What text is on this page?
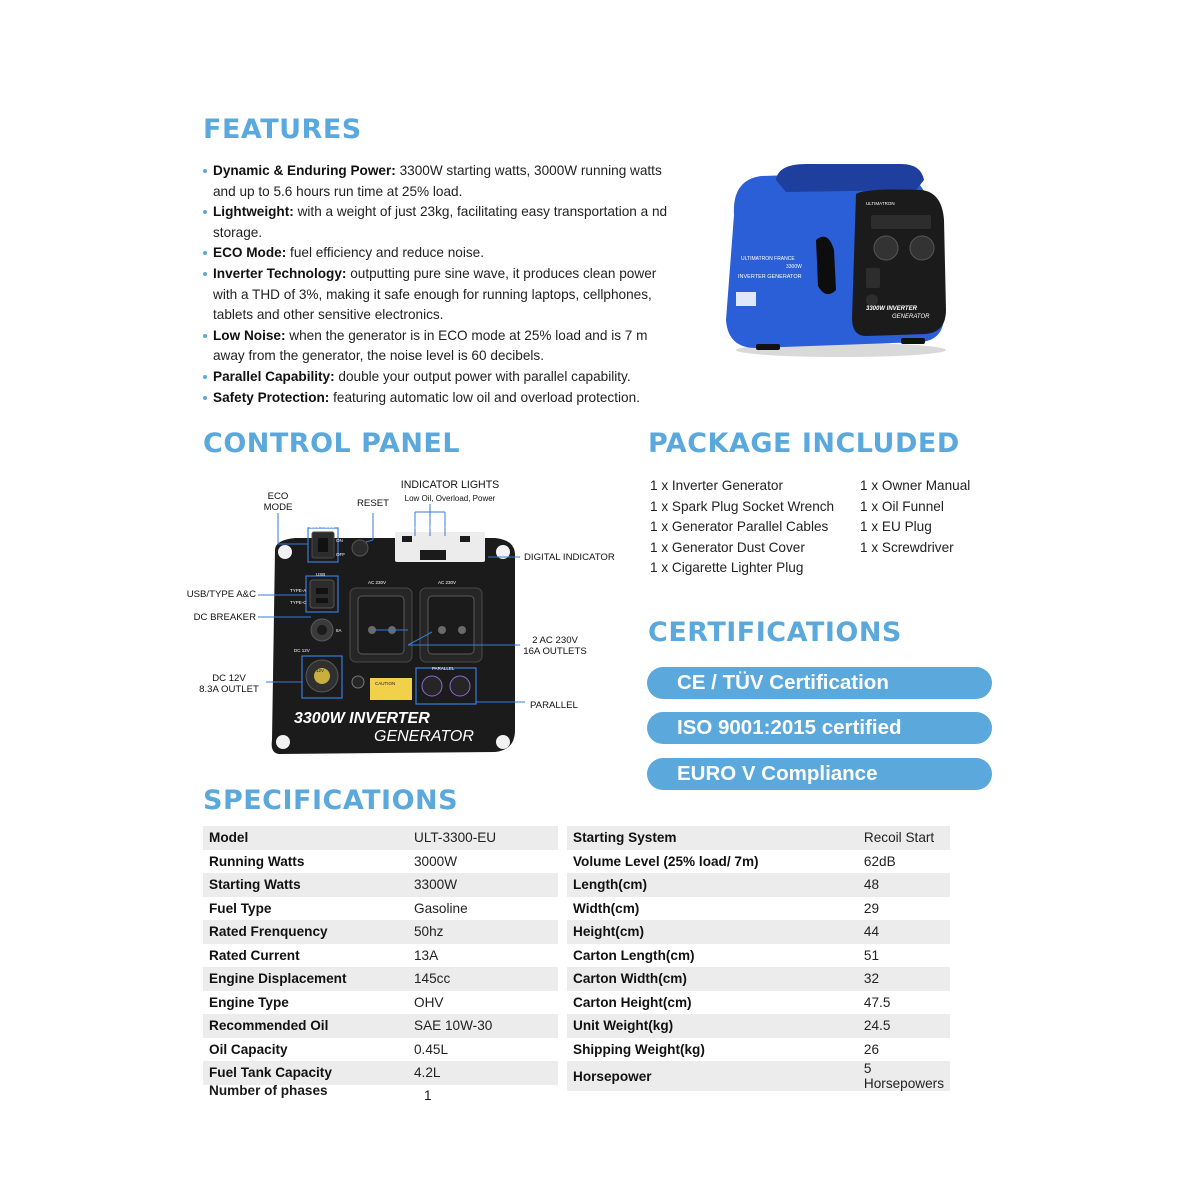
FEATURES
Dynamic & Enduring Power: 3300W starting watts, 3000W running watts and up to 5.6 hours run time at 25% load.
Lightweight: with a weight of just 23kg, facilitating easy transportation a nd storage.
ECO Mode: fuel efficiency and reduce noise.
Inverter Technology: outputting pure sine wave, it produces clean power with a THD of 3%, making it safe enough for running laptops, cellphones, tablets and other sensitive electronics.
Low Noise: when the generator is in ECO mode at 25% load and is 7 m away from the generator, the noise level is 60 decibels.
Parallel Capability: double your output power with parallel capability.
Safety Protection: featuring automatic low oil and overload protection.
ULTIMATRON FRANCE
3300W
INVERTER GENERATOR
ULTIMATRON
3300W INVERTER
GENERATOR
CONTROL PANEL
ECO MODE
ON
OFF
PUSH TO RESET	DIGITAL DISPLAY CENTER
USB
TYPE-A
TYPE-C
AC 230V	AC 230V
8A
DC 12V
12V	PARALLEL
CAUTION
3300W INVERTER
GENERATOR
ECO
MODE	RESET
INDICATOR LIGHTS
Low Oil, Overload, Power
DIGITAL INDICATOR
USB/TYPE A&C
DC BREAKER
2 AC 230V
16A OUTLETS
DC 12V
8.3A OUTLET
PARALLEL
PACKAGE INCLUDED
1 x Inverter Generator
1 x Spark Plug Socket Wrench
1 x Generator Parallel Cables
1 x Generator Dust Cover
1 x Cigarette Lighter Plug
1 x Owner Manual
1 x Oil Funnel
1 x EU Plug
1 x Screwdriver
CERTIFICATIONS
CE / TÜV Certification
ISO 9001:2015 certified
EURO V Compliance
SPECIFICATIONS
Model	ULT-3300-EU
Running Watts	3000W
Starting Watts	3300W
Fuel Type	Gasoline
Rated Frenquency	50hz
Rated Current	13A
Engine Displacement	145cc
Engine Type	OHV
Recommended Oil	SAE 10W-30
Oil Capacity	0.45L
Fuel Tank Capacity	4.2L
Number of phases	1
Starting System	Recoil Start
Volume Level (25% load/ 7m)	62dB
Length(cm)	48
Width(cm)	29
Height(cm)	44
Carton Length(cm)	51
Carton Width(cm)	32
Carton Height(cm)	47.5
Unit Weight(kg)	24.5
Shipping Weight(kg)	26
Horsepower	5 Horsepowers
